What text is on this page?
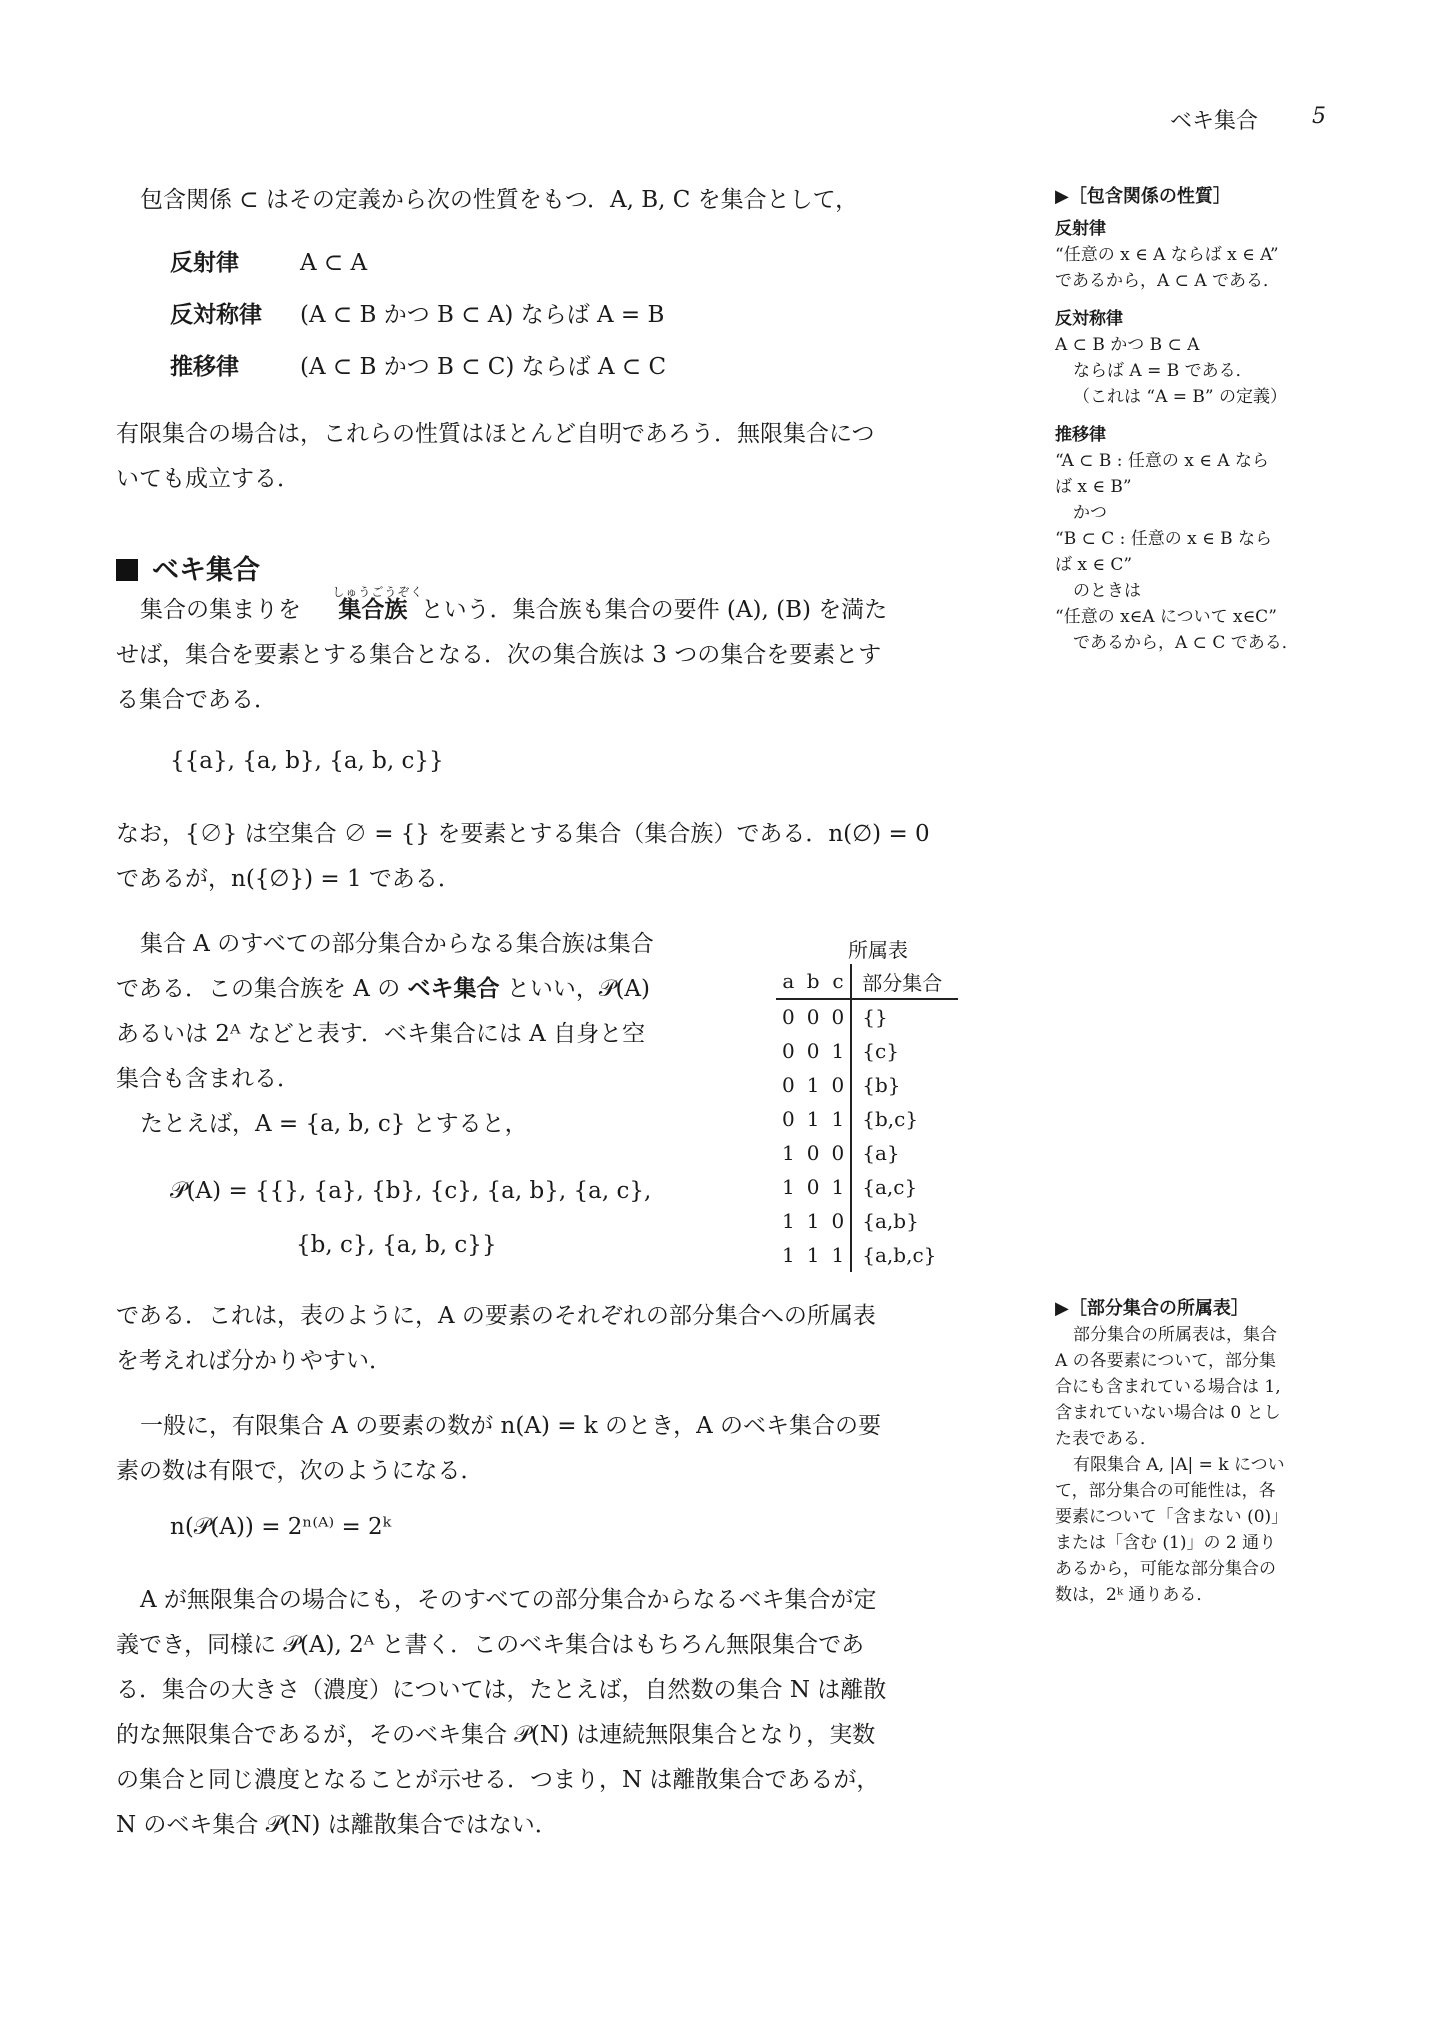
ベキ集合 5

包含関係 ⊂ はその定義から次の性質をもつ．A, B, C を集合として，

反射律	A ⊂ A
反対称律 (A ⊂ B かつ B ⊂ A) ならば A = B
推移律	(A ⊂ B かつ B ⊂ C) ならば A ⊂ C

有限集合の場合は，これらの性質はほとんど自明であろう．無限集合につ

いても成立する．

ベキ集合

集合の集まりを
しゅうごうぞく
集合族 という．集合族も集合の要件 (A), (B) を満た

せば，集合を要素とする集合となる．次の集合族は 3 つの集合を要素とす

る集合である．

{{a}, {a, b}, {a, b, c}}

なお，{∅} は空集合 ∅ = {} を要素とする集合（集合族）である．n(∅) = 0

であるが，n({∅}) = 1 である．

集合 A のすべての部分集合からなる集合族は集合

である．この集合族を A の ベキ集合 といい，𝒫(A)

あるいは 2ᴬ などと表す．ベキ集合には A 自身と空

集合も含まれる．

たとえば，A = {a, b, c} とすると，

𝒫(A) = {{}, {a}, {b}, {c}, {a, b}, {a, c},
{b, c}, {a, b, c}}
所属表
a	b	c	部分集合
0	0	0	{}
0	0	1	{c}
0	1	0	{b}
0	1	1	{b,c}
1	0	0	{a}
1	0	1	{a,c}
1	1	0	{a,b}
1	1	1	{a,b,c}

である．これは，表のように，A の要素のそれぞれの部分集合への所属表

を考えれば分かりやすい．

一般に，有限集合 A の要素の数が n(A) = k のとき，A のベキ集合の要

素の数は有限で，次のようになる．

n(𝒫(A)) = 2ⁿ⁽ᴬ⁾ = 2ᵏ

A が無限集合の場合にも，そのすべての部分集合からなるベキ集合が定

義でき，同様に 𝒫(A), 2ᴬ と書く．このベキ集合はもちろん無限集合であ

る．集合の大きさ（濃度）については，たとえば，自然数の集合 N は離散

的な無限集合であるが，そのベキ集合 𝒫(N) は連続無限集合となり，実数

の集合と同じ濃度となることが示せる．つまり，N は離散集合であるが，

N のベキ集合 𝒫(N) は離散集合ではない．

▶［包含関係の性質］
反射律

“任意の x ∈ A ならば x ∈ A”

であるから，A ⊂ A である．

反対称律

A ⊂ B かつ B ⊂ A

ならば A = B である．

（これは “A = B” の定義）

推移律

“A ⊂ B : 任意の x ∈ A なら

ば x ∈ B”

かつ

“B ⊂ C : 任意の x ∈ B なら

ば x ∈ C”

のときは

“任意の x∈A について x∈C”

であるから，A ⊂ C である．

▶［部分集合の所属表］

部分集合の所属表は，集合

A の各要素について，部分集

合にも含まれている場合は 1,

含まれていない場合は 0 とし

た表である．

有限集合 A, |A| = k につい

て，部分集合の可能性は，各

要素について「含まない (0)」

または「含む (1)」の 2 通り

あるから，可能な部分集合の

数は，2ᵏ 通りある．
